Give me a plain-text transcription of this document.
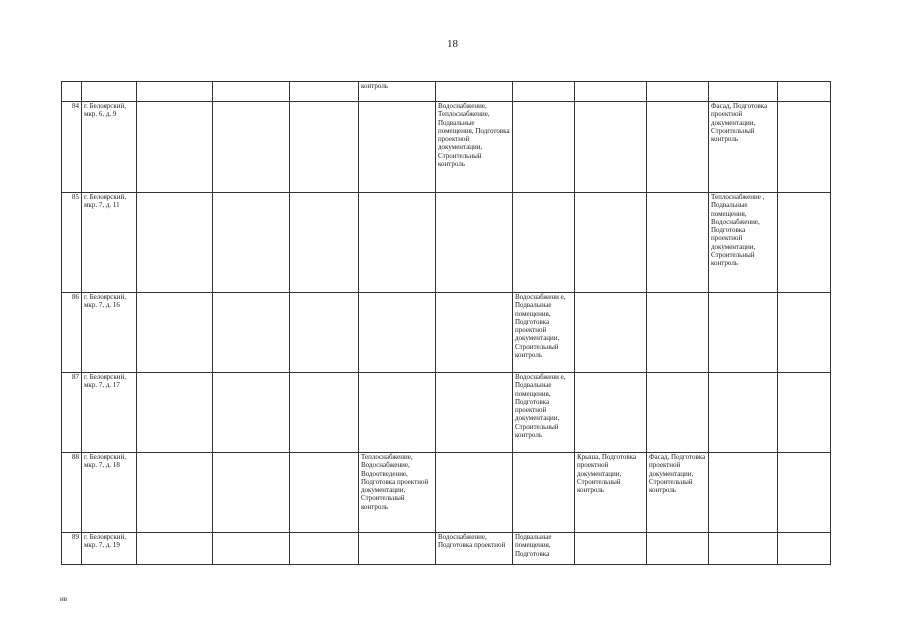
18
					контроль						
84	г. Белоярский, мкр. 6, д. 9					Водоснабжение, Теплоснабжение, Подвальные помещения, Подготовка проектной документации, Строительный контроль				Фасад, Подготовка проектной документации, Строительный контроль	
85	г. Белоярский, мкр. 7, д. 11									Теплоснабжение , Подвальные помещения, Водоснабжение, Подготовка проектной документации, Строительный контроль	
86	г. Белоярский, мкр. 7, д. 16						Водоснабжени е, Подвальные помещения, Подготовка проектной документации, Строительный контроль				
87	г. Белоярский, мкр. 7, д. 17						Водоснабжени е, Подвальные помещения, Подготовка проектной документации, Строительный контроль				
88	г. Белоярский, мкр. 7, д. 18				Теплоснабжение, Водоснабжение, Водоотведение, Подготовка проектной документации, Строительный контроль			Крыша, Подготовка проектной документации, Строительный контроль	Фасад, Подготовка проектной документации, Строительный контроль		
89	г. Белоярский, мкр. 7, д. 19					Водоснабжение, Подготовка проектной	Подвальные помещения, Подготовка				
нв
